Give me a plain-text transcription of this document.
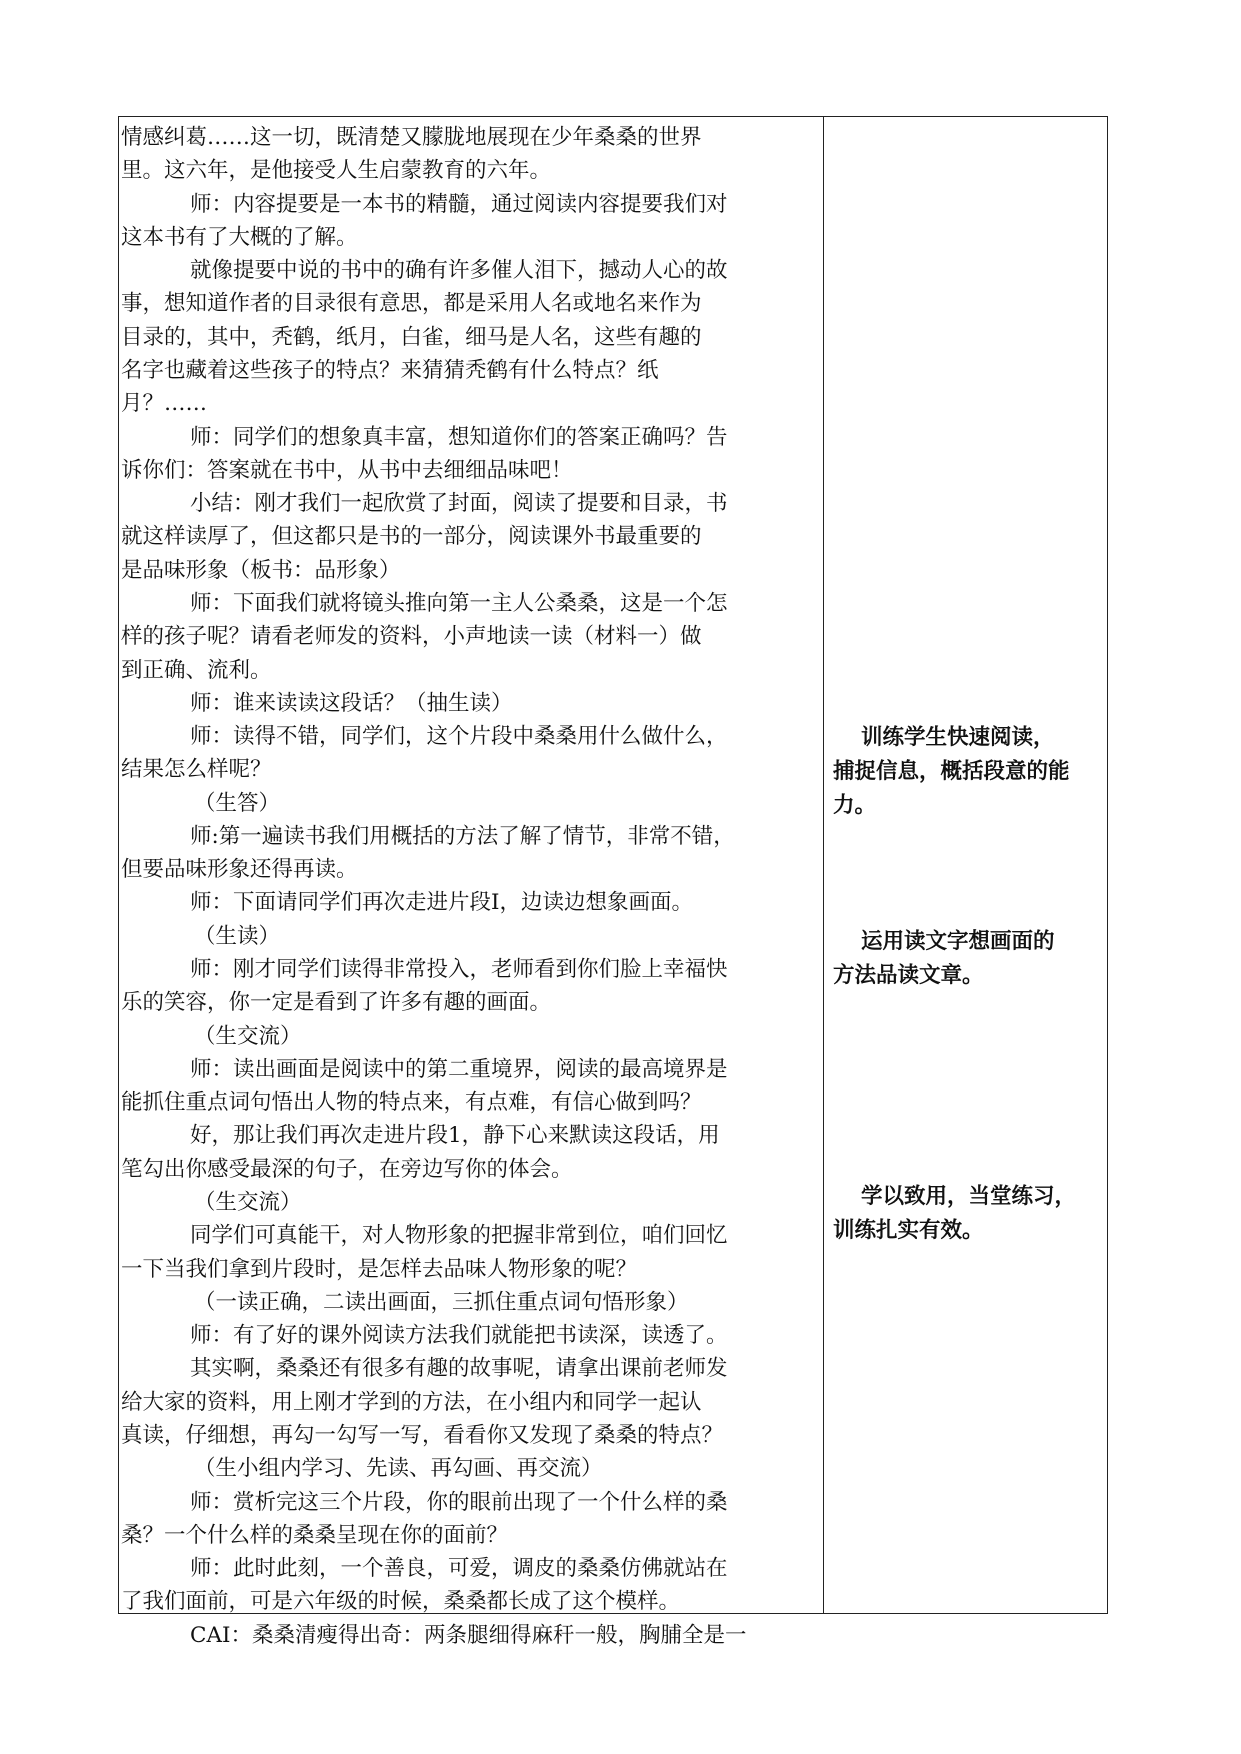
情感纠葛……这一切，既清楚又朦胧地展现在少年桑桑的世界
里。这六年，是他接受人生启蒙教育的六年。
师：内容提要是一本书的精髓，通过阅读内容提要我们对
这本书有了大概的了解。
就像提要中说的书中的确有许多催人泪下，撼动人心的故
事，想知道作者的目录很有意思，都是采用人名或地名来作为
目录的，其中，秃鹤，纸月，白雀，细马是人名，这些有趣的
名字也藏着这些孩子的特点？来猜猜秃鹤有什么特点？纸
月？……
师：同学们的想象真丰富，想知道你们的答案正确吗？告
诉你们：答案就在书中，从书中去细细品味吧！
小结：刚才我们一起欣赏了封面，阅读了提要和目录，书
就这样读厚了，但这都只是书的一部分，阅读课外书最重要的
是品味形象（板书：品形象）
师：下面我们就将镜头推向第一主人公桑桑，这是一个怎
样的孩子呢？请看老师发的资料，小声地读一读（材料一）做
到正确、流利。
师：谁来读读这段话？（抽生读）
师：读得不错，同学们，这个片段中桑桑用什么做什么，
结果怎么样呢？
（生答）
师:第一遍读书我们用概括的方法了解了情节，非常不错，
但要品味形象还得再读。
师：下面请同学们再次走进片段I，边读边想象画面。
（生读）
师：刚才同学们读得非常投入，老师看到你们脸上幸福快
乐的笑容，你一定是看到了许多有趣的画面。
（生交流）
师：读出画面是阅读中的第二重境界，阅读的最高境界是
能抓住重点词句悟出人物的特点来，有点难，有信心做到吗？
好，那让我们再次走进片段1，静下心来默读这段话，用
笔勾出你感受最深的句子，在旁边写你的体会。
（生交流）
同学们可真能干，对人物形象的把握非常到位，咱们回忆
一下当我们拿到片段时，是怎样去品味人物形象的呢？
（一读正确，二读出画面，三抓住重点词句悟形象）
师：有了好的课外阅读方法我们就能把书读深，读透了。
其实啊，桑桑还有很多有趣的故事呢，请拿出课前老师发
给大家的资料，用上刚才学到的方法，在小组内和同学一起认
真读，仔细想，再勾一勾写一写，看看你又发现了桑桑的特点？
（生小组内学习、先读、再勾画、再交流）
师：赏析完这三个片段，你的眼前出现了一个什么样的桑
桑？一个什么样的桑桑呈现在你的面前？
师：此时此刻，一个善良，可爱，调皮的桑桑仿佛就站在
了我们面前，可是六年级的时候，桑桑都长成了这个模样。
CAI：桑桑清瘦得出奇：两条腿细得麻秆一般，胸脯全是一
训练学生快速阅读，
捕捉信息，概括段意的能
力。
运用读文字想画面的
方法品读文章。
学以致用，当堂练习，
训练扎实有效。
